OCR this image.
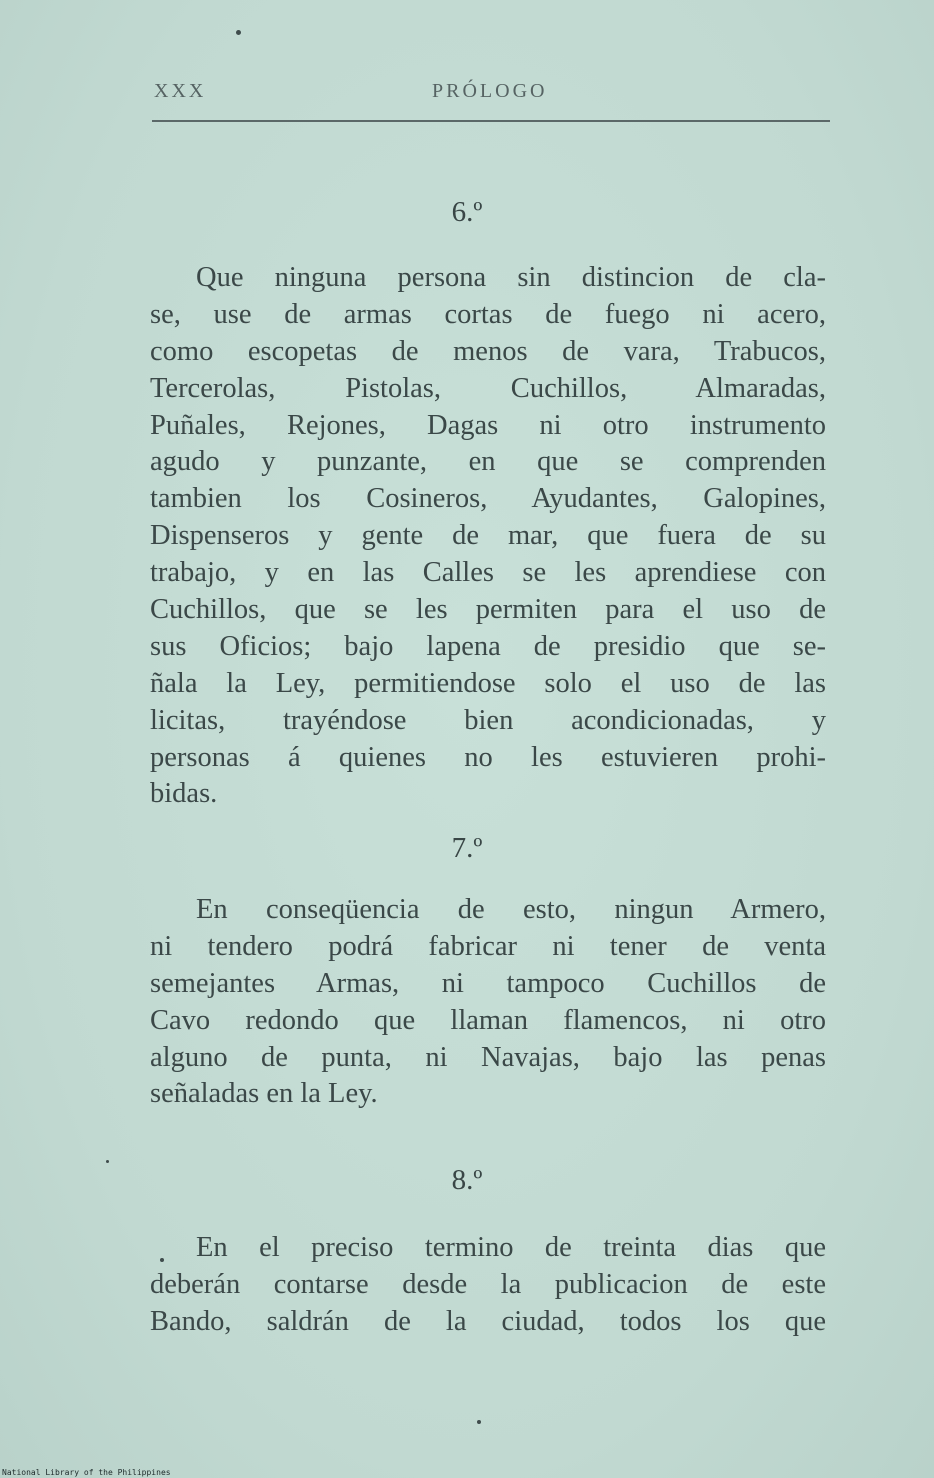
XXX	PRÓLOGO
6.º
Que ninguna persona sin distincion de cla-
se, use de armas cortas de fuego ni acero,
como escopetas de menos de vara, Trabucos,
Tercerolas, Pistolas, Cuchillos, Almaradas,
Puñales, Rejones, Dagas ni otro instrumento
agudo y punzante, en que se comprenden
tambien los Cosineros, Ayudantes, Galopines,
Dispenseros y gente de mar, que fuera de su
trabajo, y en las Calles se les aprendiese con
Cuchillos, que se les permiten para el uso de
sus Oficios; bajo lapena de presidio que se-
ñala la Ley, permitiendose solo el uso de las
licitas, trayéndose bien acondicionadas, y
personas á quienes no les estuvieren prohi-
bidas.
7.º
En conseqüencia de esto, ningun Armero,
ni tendero podrá fabricar ni tener de venta
semejantes Armas, ni tampoco Cuchillos de
Cavo redondo que llaman flamencos, ni otro
alguno de punta, ni Navajas, bajo las penas
señaladas en la Ley.
8.º
En el preciso termino de treinta dias que
deberán contarse desde la publicacion de este
Bando, saldrán de la ciudad, todos los que
National Library of the Philippines
